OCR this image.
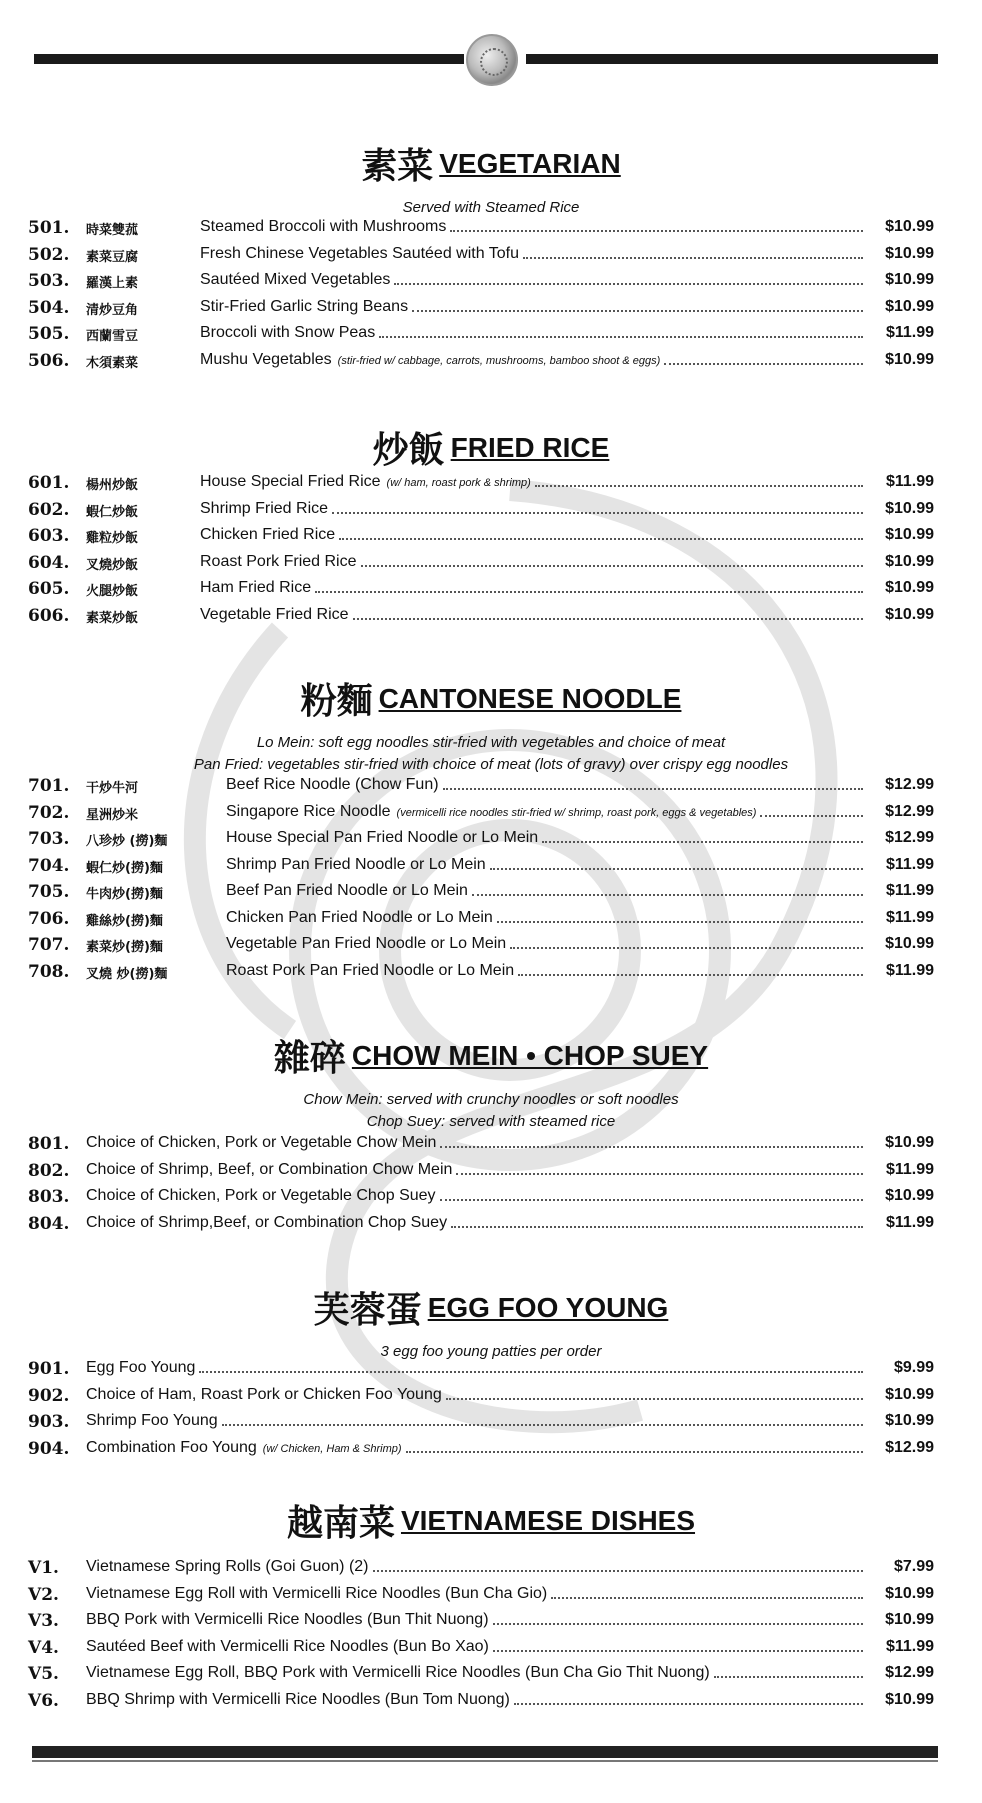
素菜 VEGETARIAN
Served with Steamed Rice
501. 時菜雙菰	Steamed Broccoli with Mushrooms	$10.99
502. 素菜豆腐	Fresh Chinese Vegetables Sautéed with Tofu	$10.99
503. 羅漢上素	Sautéed Mixed Vegetables	$10.99
504. 清炒豆角	Stir-Fried Garlic String Beans	$10.99
505. 西蘭雪豆	Broccoli with Snow Peas	$11.99
506. 木須素菜	Mushu Vegetables (stir-fried w/ cabbage, carrots, mushrooms, bamboo shoot & eggs)	$10.99
炒飯 FRIED RICE
601. 楊州炒飯	House Special Fried Rice (w/ ham, roast pork & shrimp)	$11.99
602. 蝦仁炒飯	Shrimp Fried Rice	$10.99
603. 雞粒炒飯	Chicken Fried Rice	$10.99
604. 叉燒炒飯	Roast Pork Fried Rice	$10.99
605. 火腿炒飯	Ham Fried Rice	$10.99
606. 素菜炒飯	Vegetable Fried Rice	$10.99
粉麵 CANTONESE NOODLE
Lo Mein: soft egg noodles stir-fried with vegetables and choice of meat
Pan Fried: vegetables stir-fried with choice of meat (lots of gravy) over crispy egg noodles
701. 干炒牛河	Beef Rice Noodle (Chow Fun)	$12.99
702. 星洲炒米	Singapore Rice Noodle (vermicelli rice noodles stir-fried w/ shrimp, roast pork, eggs & vegetables)	$12.99
703. 八珍炒 (撈)麵	House Special Pan Fried Noodle or Lo Mein	$12.99
704. 蝦仁炒(撈)麵	Shrimp Pan Fried Noodle or Lo Mein	$11.99
705. 牛肉炒(撈)麵	Beef Pan Fried Noodle or Lo Mein	$11.99
706. 雞絲炒(撈)麵	Chicken Pan Fried Noodle or Lo Mein	$11.99
707. 素菜炒(撈)麵	Vegetable Pan Fried Noodle or Lo Mein	$10.99
708. 叉燒 炒(撈)麵	Roast Pork Pan Fried Noodle or Lo Mein	$11.99
雜碎 CHOW MEIN • CHOP SUEY
Chow Mein: served with crunchy noodles or soft noodles
Chop Suey: served with steamed rice
801. Choice of Chicken, Pork or Vegetable Chow Mein	$10.99
802. Choice of Shrimp, Beef, or Combination Chow Mein	$11.99
803. Choice of Chicken, Pork or Vegetable Chop Suey	$10.99
804. Choice of Shrimp,Beef, or Combination Chop Suey	$11.99
芙蓉蛋 EGG FOO YOUNG
3 egg foo young patties per order
901. Egg Foo Young	$9.99
902. Choice of Ham, Roast Pork or Chicken Foo Young	$10.99
903. Shrimp Foo Young	$10.99
904. Combination Foo Young (w/ Chicken, Ham & Shrimp)	$12.99
越南菜 VIETNAMESE DISHES
V1. Vietnamese Spring Rolls (Goi Guon) (2)	$7.99
V2. Vietnamese Egg Roll with Vermicelli Rice Noodles (Bun Cha Gio)	$10.99
V3. BBQ Pork with Vermicelli Rice Noodles (Bun Thit Nuong)	$10.99
V4. Sautéed Beef with Vermicelli Rice Noodles (Bun Bo Xao)	$11.99
V5. Vietnamese Egg Roll, BBQ Pork with Vermicelli Rice Noodles (Bun Cha Gio Thit Nuong)	$12.99
V6. BBQ Shrimp with Vermicelli Rice Noodles (Bun Tom Nuong)	$10.99
